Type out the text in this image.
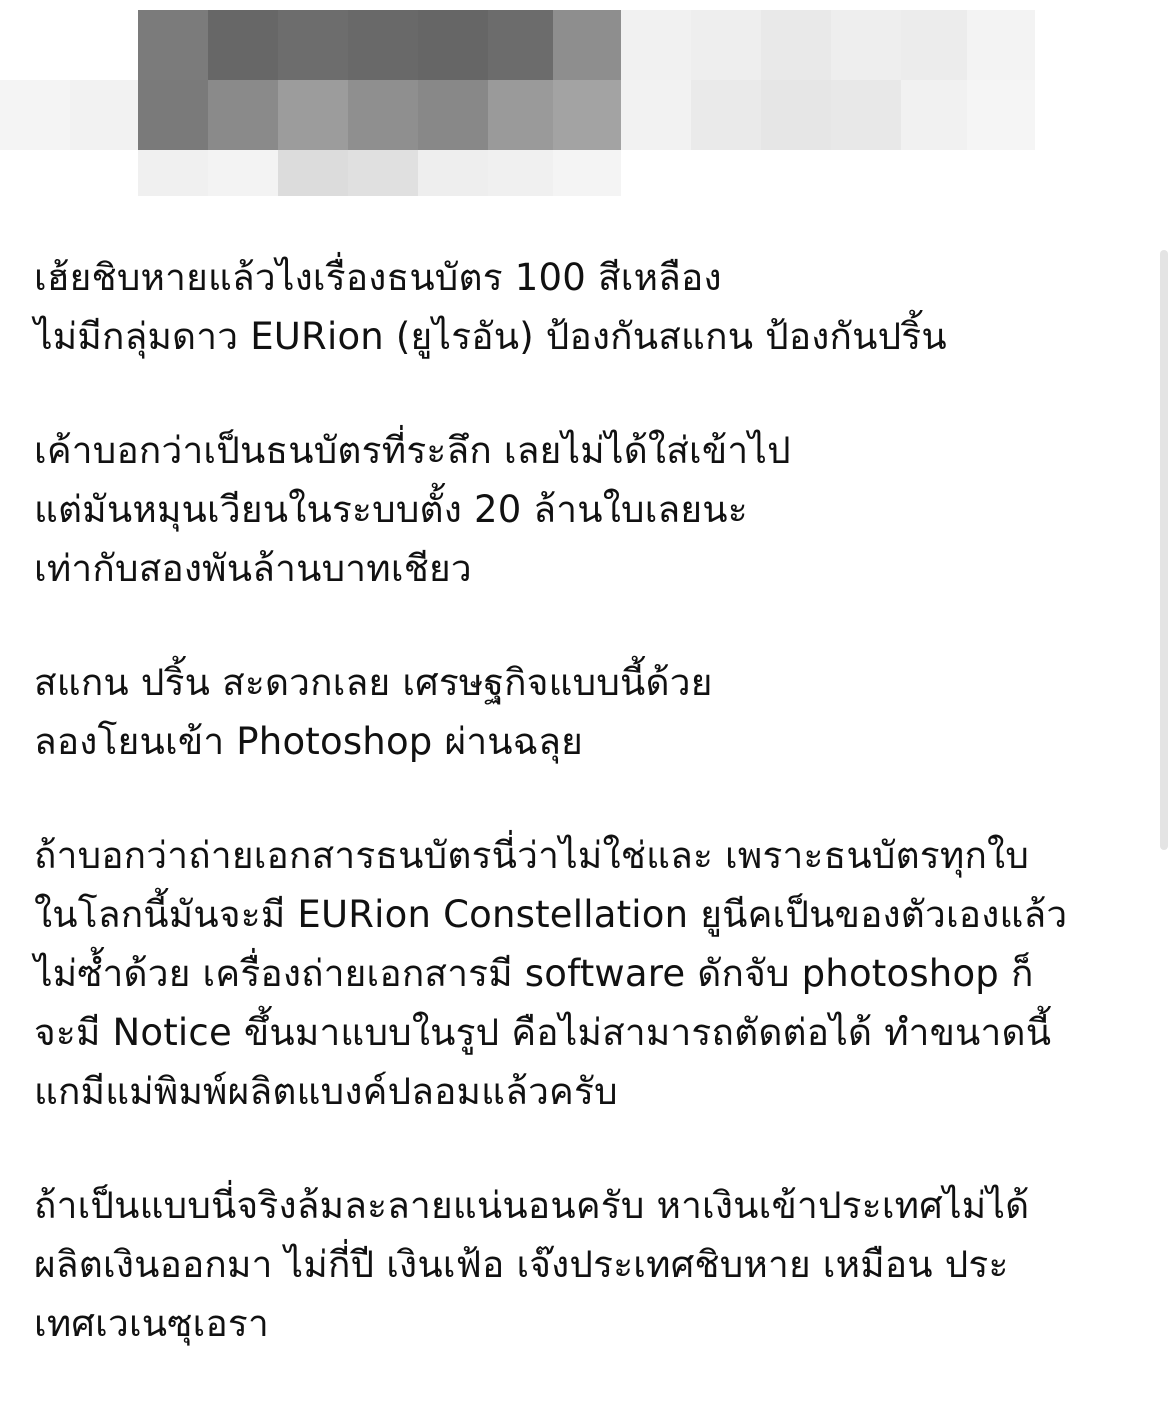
เฮ้ยชิบหายแล้วไงเรื่องธนบัตร 100 สีเหลือง
ไม่มีกลุ่มดาว EURion (ยูไรอัน) ป้องกันสแกน ป้องกันปริ้น
เค้าบอกว่าเป็นธนบัตรที่ระลึก เลยไม่ได้ใส่เข้าไป
แต่มันหมุนเวียนในระบบตั้ง 20 ล้านใบเลยนะ
เท่ากับสองพันล้านบาทเชียว
สแกน ปริ้น สะดวกเลย เศรษฐกิจแบบนี้ด้วย
ลองโยนเข้า Photoshop ผ่านฉลุย
ถ้าบอกว่าถ่ายเอกสารธนบัตรนี่ว่าไม่ใช่และ เพราะธนบัตรทุกใบ
ในโลกนี้มันจะมี EURion Constellation ยูนีคเป็นของตัวเองแล้ว
ไม่ซ้ำด้วย เครื่องถ่ายเอกสารมี software ดักจับ photoshop ก็
จะมี Notice ขึ้นมาแบบในรูป คือไม่สามารถตัดต่อได้ ทำขนาดนี้
แกมีแม่พิมพ์ผลิตแบงค์ปลอมแล้วครับ
ถ้าเป็นแบบนี่จริงล้มละลายแน่นอนครับ หาเงินเข้าประเทศไม่ได้
ผลิตเงินออกมา ไม่กี่ปี เงินเฟ้อ เจ๊งประเทศชิบหาย เหมือน ประ
เทศเวเนซุเอรา
